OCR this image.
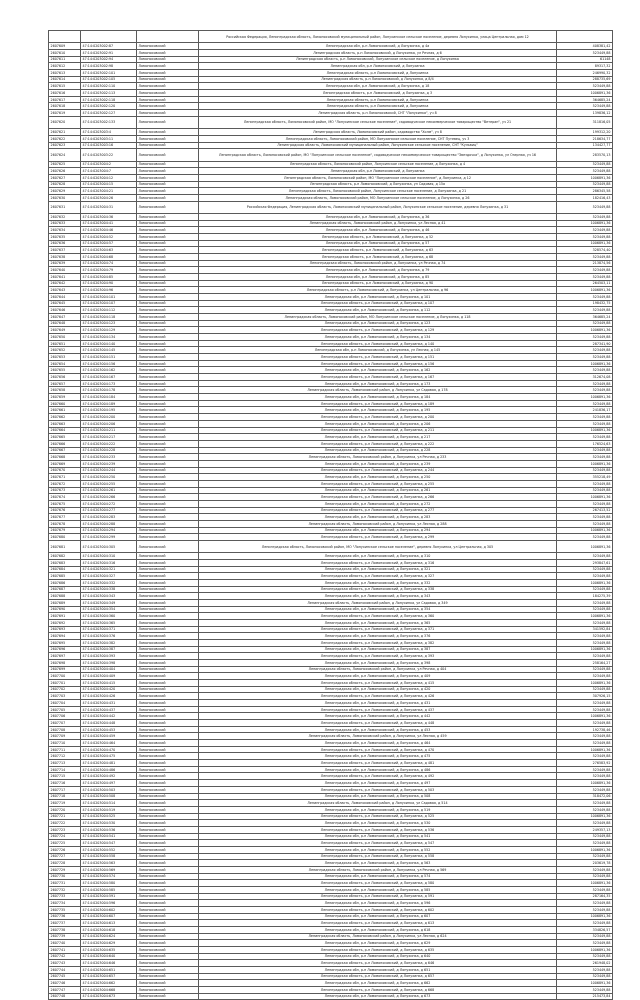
			Российская Федерация, Ленинградская область, Ломоносовский муниципальный район, Лопухинское сельское поселение, деревня Лопухинка, улица Центральная, дом 12	
2607609	47:14:0203002:87	Ломоносовский	Ленинградская обл, р-н Ломоносовский, д Лопухинка, д 4а	408381,42
2607610	47:14:0203002:91	Ломоносовский	Ленинградская область, р-н Ломоносовский, д Лопухинка, ул Речная, д 6	523449,88
2607611	47:14:0203002:94	Ломоносовский	Ленинградская область, р-н Ломоносовский, Лопухинское сельское поселение, д Лопухинка	61148
2607612	47:14:0203002:98	Ломоносовский	Ленинградская обл, р-н Ломоносовский, д Лопухинка	89317,32
2607613	47:14:0203002:101	Ломоносовский	Ленинградская область, р-н Ломоносовский, д Лопухинка	246990,32
2607614	47:14:0203002:105	Ломоносовский	Ленинградская область, р-н Ломоносовский, д Лопухинка, д 8/4	288735,69
2607615	47:14:0203002:110	Ломоносовский	Ленинградская обл, р-н Ломоносовский, д Лопухинка, д 18	523449,88
2607616	47:14:0203002:113	Ломоносовский	Ленинградская область, р-н Ломоносовский, д Лопухинка, д 3	1006891,36
2607617	47:14:0203002:118	Ломоносовский	Ленинградская область, р-н Ломоносовский, д Лопухинка	364685,24
2607618	47:14:0203002:120	Ломоносовский	Ленинградская область, р-н Ломоносовский, д Лопухинка	523449,88
2607619	47:14:0203002:127	Ломоносовский	Ленинградская область, р-н Ломоносовский, СНТ "Лопухинка", уч 8	139836,12
2607620	47:14:0203002:133	Ломоносовский	Ленинградская область, Ломоносовский район, МО "Лопухинское сельское поселение", садоводческое некоммерческое товарищество "Ветеран", уч 21	311816,05
2607621	47:14:0203003:4	Ломоносовский	Ленинградская область, Ломоносовский район, садоводство "Холм", уч 8	199312,20
2607622	47:14:0203003:11	Ломоносовский	Ленинградская область, Ломоносовский район, МО Лопухинское сельское поселение, СНТ Путевец, уч 3	218634,77
2607623	47:14:0203003:16	Ломоносовский	Ленинградская область, Ломоносовский муниципальный район, Лопухинское сельское поселение, СНТ "Кульвиц"	134427,77
2607624	47:14:0203003:22	Ломоносовский	Ленинградская область, Ломоносовский район, МО "Лопухинское сельское поселение", садоводческое некоммерческое товарищество "Звездочка", д Лопухинка, ул Озерная, уч 16	283570,13
2607625	47:14:0203004:2	Ломоносовский	Ленинградская область, Ломоносовский район, Лопухинское сельское поселение, д Лопухинка, д 4	523449,88
2607626	47:14:0203004:7	Ломоносовский	Ленинградская обл, р-н Ломоносовский, д Лопухинка	523449,88
2607627	47:14:0203004:12	Ломоносовский	Ленинградская область, Ломоносовский район, МО "Лопухинское сельское поселение", д Лопухинка, д 12	1006891,36
2607628	47:14:0203004:15	Ломоносовский	Ленинградская область, р-н Ломоносовский, д Лопухинка, ул Садовая, д 15а	523449,88
2607629	47:14:0203004:21	Ломоносовский	Ленинградская область, Ломоносовский район, Лопухинское сельское поселение, д Лопухинка, д 21	286345,58
2607630	47:14:0203004:26	Ломоносовский	Ленинградская область, Ломоносовский район, МО Лопухинское сельское поселение, д Лопухинка, д 26	182416,43
2607631	47:14:0203004:31	Ломоносовский	Российская Федерация, Ленинградская область, Ломоносовский муниципальный район, Лопухинское сельское поселение, деревня Лопухинка, д 31	523449,88
2607632	47:14:0203004:36	Ломоносовский	Ленинградская обл, р-н Ломоносовский, д Лопухинка, д 36	523449,88
2607633	47:14:0203004:41	Ломоносовский	Ленинградская область, Ломоносовский район, д Лопухинка, ул Лесная, д 41	1006891,36
2607634	47:14:0203004:46	Ломоносовский	Ленинградская обл, р-н Ломоносовский, д Лопухинка, д 46	523449,88
2607635	47:14:0203004:52	Ломоносовский	Ленинградская область, р-н Ломоносовский, д Лопухинка, д 52	523449,88
2607636	47:14:0203004:57	Ломоносовский	Ленинградская обл, р-н Ломоносовский, д Лопухинка, д 57	1006891,36
2607637	47:14:0203004:63	Ломоносовский	Ленинградская область, р-н Ломоносовский, д Лопухинка, д 63	328574,40
2607638	47:14:0203004:68	Ломоносовский	Ленинградская область, р-н Ломоносовский, д Лопухинка, д 68	523449,88
2607639	47:14:0203004:74	Ломоносовский	Ленинградская область, Ломоносовский район, д Лопухинка, ул Речная, д 74	213874,56
2607640	47:14:0203004:79	Ломоносовский	Ленинградская обл, р-н Ломоносовский, д Лопухинка, д 79	523449,88
2607641	47:14:0203004:85	Ломоносовский	Ленинградская обл, р-н Ломоносовский, д Лопухинка, д 85	523449,88
2607642	47:14:0203004:90	Ломоносовский	Ленинградская область, р-н Ломоносовский, д Лопухинка, д 90	264503,11
2607643	47:14:0203004:96	Ломоносовский	Ленинградская область, р-н Ломоносовский, д Лопухинка, ул Центральная, д 96	1006891,36
2607644	47:14:0203004:101	Ломоносовский	Ленинградская обл, р-н Ломоносовский, д Лопухинка, д 101	523449,88
2607645	47:14:0203004:107	Ломоносовский	Ленинградская область, р-н Ломоносовский, д Лопухинка, д 107	198432,75
2607646	47:14:0203004:112	Ломоносовский	Ленинградская обл, р-н Ломоносовский, д Лопухинка, д 112	523449,88
2607647	47:14:0203004:118	Ломоносовский	Ленинградская область, Ломоносовский район, МО Лопухинское сельское поселение, д Лопухинка, д 118	364685,24
2607648	47:14:0203004:123	Ломоносовский	Ленинградская обл, р-н Ломоносовский, д Лопухинка, д 123	523449,88
2607649	47:14:0203004:129	Ломоносовский	Ленинградская область, р-н Ломоносовский, д Лопухинка, д 129	1006891,36
2607650	47:14:0203004:134	Ломоносовский	Ленинградская обл, р-н Ломоносовский, д Лопухинка, д 134	523449,88
2607651	47:14:0203004:140	Ломоносовский	Ленинградская область, р-н Ломоносовский, д Лопухинка, д 140	287341,90
2607652	47:14:0203004:145	Ломоносовский	Ленинградская обл, р-н Ломоносовский, д Лопухинка, ул Лесная, д 145	523449,88
2607653	47:14:0203004:151	Ломоносовский	Ленинградская область, р-н Ломоносовский, д Лопухинка, д 151	523449,88
2607654	47:14:0203004:156	Ломоносовский	Ленинградская область, р-н Ломоносовский, д Лопухинка, д 156	1006891,36
2607655	47:14:0203004:162	Ломоносовский	Ленинградская обл, р-н Ломоносовский, д Лопухинка, д 162	523449,88
2607656	47:14:0203004:167	Ломоносовский	Ленинградская область, р-н Ломоносовский, д Лопухинка, д 167	312674,08
2607657	47:14:0203004:173	Ломоносовский	Ленинградская обл, р-н Ломоносовский, д Лопухинка, д 173	523449,88
2607658	47:14:0203004:178	Ломоносовский	Ленинградская область, Ломоносовский район, д Лопухинка, ул Садовая, д 178	523449,88
2607659	47:14:0203004:184	Ломоносовский	Ленинградская обл, р-н Ломоносовский, д Лопухинка, д 184	1006891,36
2607660	47:14:0203004:189	Ломоносовский	Ленинградская область, р-н Ломоносовский, д Лопухинка, д 189	523449,88
2607661	47:14:0203004:195	Ломоносовский	Ленинградская обл, р-н Ломоносовский, д Лопухинка, д 195	241836,17
2607662	47:14:0203004:200	Ломоносовский	Ленинградская область, р-н Ломоносовский, д Лопухинка, д 200	523449,88
2607663	47:14:0203004:206	Ломоносовский	Ленинградская обл, р-н Ломоносовский, д Лопухинка, д 206	523449,88
2607664	47:14:0203004:211	Ломоносовский	Ленинградская область, р-н Ломоносовский, д Лопухинка, д 211	1006891,36
2607665	47:14:0203004:217	Ломоносовский	Ленинградская обл, р-н Ломоносовский, д Лопухинка, д 217	523449,88
2607666	47:14:0203004:222	Ломоносовский	Ленинградская область, р-н Ломоносовский, д Лопухинка, д 222	176524,63
2607667	47:14:0203004:228	Ломоносовский	Ленинградская обл, р-н Ломоносовский, д Лопухинка, д 228	523449,88
2607668	47:14:0203004:233	Ломоносовский	Ленинградская область, Ломоносовский район, д Лопухинка, ул Речная, д 233	523449,88
2607669	47:14:0203004:239	Ломоносовский	Ленинградская обл, р-н Ломоносовский, д Лопухинка, д 239	1006891,36
2607670	47:14:0203004:244	Ломоносовский	Ленинградская область, р-н Ломоносовский, д Лопухинка, д 244	523449,88
2607671	47:14:0203004:250	Ломоносовский	Ленинградская обл, р-н Ломоносовский, д Лопухинка, д 250	355218,49
2607672	47:14:0203004:255	Ломоносовский	Ленинградская область, р-н Ломоносовский, д Лопухинка, д 255	523449,88
2607673	47:14:0203004:261	Ломоносовский	Ленинградская обл, р-н Ломоносовский, д Лопухинка, д 261	523449,88
2607674	47:14:0203004:266	Ломоносовский	Ленинградская область, р-н Ломоносовский, д Лопухинка, д 266	1006891,36
2607675	47:14:0203004:272	Ломоносовский	Ленинградская обл, р-н Ломоносовский, д Лопухинка, д 272	523449,88
2607676	47:14:0203004:277	Ломоносовский	Ленинградская область, р-н Ломоносовский, д Лопухинка, д 277	267413,52
2607677	47:14:0203004:283	Ломоносовский	Ленинградская обл, р-н Ломоносовский, д Лопухинка, д 283	523449,88
2607678	47:14:0203004:288	Ломоносовский	Ленинградская область, Ломоносовский район, д Лопухинка, ул Лесная, д 288	523449,88
2607679	47:14:0203004:294	Ломоносовский	Ленинградская обл, р-н Ломоносовский, д Лопухинка, д 294	1006891,36
2607680	47:14:0203004:299	Ломоносовский	Ленинградская область, р-н Ломоносовский, д Лопухинка, д 299	523449,88
2607681	47:14:0203004:305	Ломоносовский	Ленинградская область, Ломоносовский район, МО "Лопухинское сельское поселение", деревня Лопухинка, ул Центральная, д 305	1006891,36
2607682	47:14:0203004:310	Ломоносовский	Ленинградская обл, р-н Ломоносовский, д Лопухинка, д 310	523449,88
2607683	47:14:0203004:316	Ломоносовский	Ленинградская область, р-н Ломоносовский, д Лопухинка, д 316	293847,61
2607684	47:14:0203004:321	Ломоносовский	Ленинградская обл, р-н Ломоносовский, д Лопухинка, д 321	523449,88
2607685	47:14:0203004:327	Ломоносовский	Ленинградская область, р-н Ломоносовский, д Лопухинка, д 327	523449,88
2607686	47:14:0203004:332	Ломоносовский	Ленинградская обл, р-н Ломоносовский, д Лопухинка, д 332	1006891,36
2607687	47:14:0203004:338	Ломоносовский	Ленинградская область, р-н Ломоносовский, д Лопухинка, д 338	523449,88
2607688	47:14:0203004:343	Ломоносовский	Ленинградская обл, р-н Ломоносовский, д Лопухинка, д 343	184275,39
2607689	47:14:0203004:349	Ломоносовский	Ленинградская область, Ломоносовский район, д Лопухинка, ул Садовая, д 349	523449,88
2607690	47:14:0203004:354	Ломоносовский	Ленинградская обл, р-н Ломоносовский, д Лопухинка, д 354	523449,88
2607691	47:14:0203004:360	Ломоносовский	Ленинградская область, р-н Ломоносовский, д Лопухинка, д 360	1006891,36
2607692	47:14:0203004:365	Ломоносовский	Ленинградская обл, р-н Ломоносовский, д Лопухинка, д 365	523449,88
2607693	47:14:0203004:371	Ломоносовский	Ленинградская область, р-н Ломоносовский, д Лопухинка, д 371	341592,84
2607694	47:14:0203004:376	Ломоносовский	Ленинградская обл, р-н Ломоносовский, д Лопухинка, д 376	523449,88
2607695	47:14:0203004:382	Ломоносовский	Ленинградская область, р-н Ломоносовский, д Лопухинка, д 382	523449,88
2607696	47:14:0203004:387	Ломоносовский	Ленинградская обл, р-н Ломоносовский, д Лопухинка, д 387	1006891,36
2607697	47:14:0203004:393	Ломоносовский	Ленинградская область, р-н Ломоносовский, д Лопухинка, д 393	523449,88
2607698	47:14:0203004:398	Ломоносовский	Ленинградская обл, р-н Ломоносовский, д Лопухинка, д 398	258164,27
2607699	47:14:0203004:404	Ломоносовский	Ленинградская область, Ломоносовский район, д Лопухинка, ул Речная, д 404	523449,88
2607700	47:14:0203004:409	Ломоносовский	Ленинградская обл, р-н Ломоносовский, д Лопухинка, д 409	523449,88
2607701	47:14:0203004:415	Ломоносовский	Ленинградская область, р-н Ломоносовский, д Лопухинка, д 415	1006891,36
2607702	47:14:0203004:420	Ломоносовский	Ленинградская обл, р-н Ломоносовский, д Лопухинка, д 420	523449,88
2607703	47:14:0203004:426	Ломоносовский	Ленинградская область, р-н Ломоносовский, д Лопухинка, д 426	307926,15
2607704	47:14:0203004:431	Ломоносовский	Ленинградская обл, р-н Ломоносовский, д Лопухинка, д 431	523449,88
2607705	47:14:0203004:437	Ломоносовский	Ленинградская область, р-н Ломоносовский, д Лопухинка, д 437	523449,88
2607706	47:14:0203004:442	Ломоносовский	Ленинградская обл, р-н Ломоносовский, д Лопухинка, д 442	1006891,36
2607707	47:14:0203004:448	Ломоносовский	Ленинградская область, р-н Ломоносовский, д Лопухинка, д 448	523449,88
2607708	47:14:0203004:453	Ломоносовский	Ленинградская обл, р-н Ломоносовский, д Лопухинка, д 453	192738,46
2607709	47:14:0203004:459	Ломоносовский	Ленинградская область, Ломоносовский район, д Лопухинка, ул Лесная, д 459	523449,88
2607710	47:14:0203004:464	Ломоносовский	Ленинградская обл, р-н Ломоносовский, д Лопухинка, д 464	523449,88
2607711	47:14:0203004:470	Ломоносовский	Ленинградская область, р-н Ломоносовский, д Лопухинка, д 470	1006891,36
2607712	47:14:0203004:475	Ломоносовский	Ленинградская обл, р-н Ломоносовский, д Лопухинка, д 475	523449,88
2607713	47:14:0203004:481	Ломоносовский	Ленинградская область, р-н Ломоносовский, д Лопухинка, д 481	276583,92
2607714	47:14:0203004:486	Ломоносовский	Ленинградская обл, р-н Ломоносовский, д Лопухинка, д 486	523449,88
2607715	47:14:0203004:492	Ломоносовский	Ленинградская область, р-н Ломоносовский, д Лопухинка, д 492	523449,88
2607716	47:14:0203004:497	Ломоносовский	Ленинградская обл, р-н Ломоносовский, д Лопухинка, д 497	1006891,36
2607717	47:14:0203004:503	Ломоносовский	Ленинградская область, р-н Ломоносовский, д Лопухинка, д 503	523449,88
2607718	47:14:0203004:508	Ломоносовский	Ленинградская обл, р-н Ломоносовский, д Лопухинка, д 508	318472,06
2607719	47:14:0203004:514	Ломоносовский	Ленинградская область, Ломоносовский район, д Лопухинка, ул Садовая, д 514	523449,88
2607720	47:14:0203004:519	Ломоносовский	Ленинградская обл, р-н Ломоносовский, д Лопухинка, д 519	523449,88
2607721	47:14:0203004:525	Ломоносовский	Ленинградская область, р-н Ломоносовский, д Лопухинка, д 525	1006891,36
2607722	47:14:0203004:530	Ломоносовский	Ленинградская обл, р-н Ломоносовский, д Лопухинка, д 530	523449,88
2607723	47:14:0203004:536	Ломоносовский	Ленинградская область, р-н Ломоносовский, д Лопухинка, д 536	249357,13
2607724	47:14:0203004:541	Ломоносовский	Ленинградская обл, р-н Ломоносовский, д Лопухинка, д 541	523449,88
2607725	47:14:0203004:547	Ломоносовский	Ленинградская область, р-н Ломоносовский, д Лопухинка, д 547	523449,88
2607726	47:14:0203004:552	Ломоносовский	Ленинградская обл, р-н Ломоносовский, д Лопухинка, д 552	1006891,36
2607727	47:14:0203004:558	Ломоносовский	Ленинградская область, р-н Ломоносовский, д Лопухинка, д 558	523449,88
2607728	47:14:0203004:563	Ломоносовский	Ленинградская обл, р-н Ломоносовский, д Лопухинка, д 563	203619,78
2607729	47:14:0203004:569	Ломоносовский	Ленинградская область, Ломоносовский район, д Лопухинка, ул Речная, д 569	523449,88
2607730	47:14:0203004:574	Ломоносовский	Ленинградская обл, р-н Ломоносовский, д Лопухинка, д 574	523449,88
2607731	47:14:0203004:580	Ломоносовский	Ленинградская область, р-н Ломоносовский, д Лопухинка, д 580	1006891,36
2607732	47:14:0203004:585	Ломоносовский	Ленинградская обл, р-н Ломоносовский, д Лопухинка, д 585	523449,88
2607733	47:14:0203004:591	Ломоносовский	Ленинградская область, р-н Ломоносовский, д Лопухинка, д 591	287164,35
2607734	47:14:0203004:596	Ломоносовский	Ленинградская обл, р-н Ломоносовский, д Лопухинка, д 596	523449,88
2607735	47:14:0203004:602	Ломоносовский	Ленинградская область, р-н Ломоносовский, д Лопухинка, д 602	523449,88
2607736	47:14:0203004:607	Ломоносовский	Ленинградская обл, р-н Ломоносовский, д Лопухинка, д 607	1006891,36
2607737	47:14:0203004:613	Ломоносовский	Ленинградская область, р-н Ломоносовский, д Лопухинка, д 613	523449,88
2607738	47:14:0203004:618	Ломоносовский	Ленинградская обл, р-н Ломоносовский, д Лопухинка, д 618	334826,57
2607739	47:14:0203004:624	Ломоносовский	Ленинградская область, Ломоносовский район, д Лопухинка, ул Лесная, д 624	523449,88
2607740	47:14:0203004:629	Ломоносовский	Ленинградская обл, р-н Ломоносовский, д Лопухинка, д 629	523449,88
2607741	47:14:0203004:635	Ломоносовский	Ленинградская область, р-н Ломоносовский, д Лопухинка, д 635	1006891,36
2607742	47:14:0203004:640	Ломоносовский	Ленинградская обл, р-н Ломоносовский, д Лопухинка, д 640	523449,88
2607743	47:14:0203004:646	Ломоносовский	Ленинградская область, р-н Ломоносовский, д Лопухинка, д 646	261948,02
2607744	47:14:0203004:651	Ломоносовский	Ленинградская обл, р-н Ломоносовский, д Лопухинка, д 651	523449,88
2607745	47:14:0203004:657	Ломоносовский	Ленинградская область, р-н Ломоносовский, д Лопухинка, д 657	523449,88
2607746	47:14:0203004:662	Ломоносовский	Ленинградская обл, р-н Ломоносовский, д Лопухинка, д 662	1006891,36
2607747	47:14:0203004:668	Ломоносовский	Ленинградская область, р-н Ломоносовский, д Лопухинка, д 668	523449,88
2607748	47:14:0203004:673	Ломоносовский	Ленинградская обл, р-н Ломоносовский, д Лопухинка, д 673	215473,84
